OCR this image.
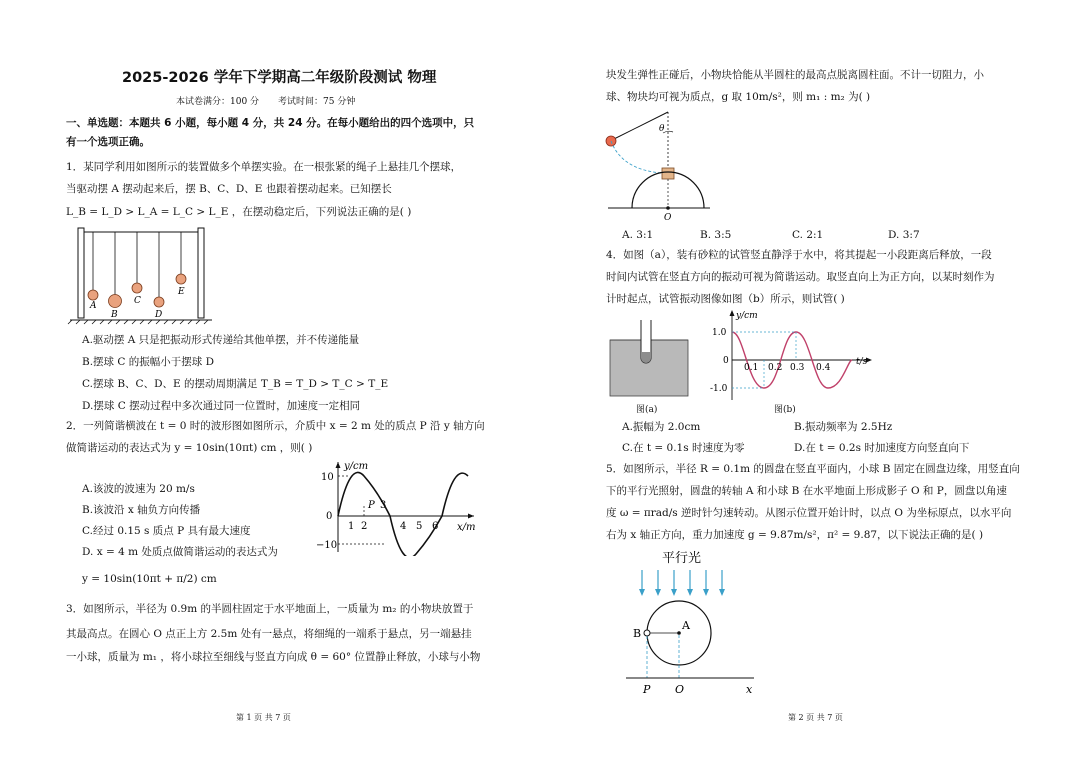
2025-2026 学年下学期高二年级阶段测试 物理
本试卷满分：100 分 考试时间：75 分钟
一、单选题：本题共 6 小题，每小题 4 分，共 24 分。在每小题给出的四个选项中，只
有一个选项正确。
1．某同学利用如图所示的装置做多个单摆实验。在一根张紧的绳子上悬挂几个摆球，
当驱动摆 A 摆动起来后，摆 B、C、D、E 也跟着摆动起来。已知摆长
L_B = L_D > L_A = L_C > L_E ，在摆动稳定后，下列说法正确的是( )
A
B
C
D
E
A.驱动摆 A 只是把振动形式传递给其他单摆，并不传递能量
B.摆球 C 的振幅小于摆球 D
C.摆球 B、C、D、E 的摆动周期满足 T_B = T_D > T_C > T_E
D.摆球 C 摆动过程中多次通过同一位置时，加速度一定相同
2．一列简谐横波在 t = 0 时的波形图如图所示，介质中 x = 2 m 处的质点 P 沿 y 轴方向
做简谐运动的表达式为 y = 10sin(10πt) cm ，则( )
A.该波的波速为 20 m/s
B.该波沿 x 轴负方向传播
C.经过 0.15 s 质点 P 具有最大速度
D. x = 4 m 处质点做简谐运动的表达式为
y = 10sin(10πt + π/2) cm
y/cm
x/m
10
0
−10
1 2	4 5 6
P 3
3．如图所示，半径为 0.9m 的半圆柱固定于水平地面上，一质量为 m₂ 的小物块放置于
其最高点。在圆心 O 点正上方 2.5m 处有一悬点，将细绳的一端系于悬点，另一端悬挂
一小球，质量为 m₁ ，将小球拉至细线与竖直方向成 θ = 60° 位置静止释放，小球与小物
第 1 页 共 7 页
块发生弹性正碰后，小物块恰能从半圆柱的最高点脱离圆柱面。不计一切阻力，小
球、物块均可视为质点，g 取 10m/s²，则 m₁ : m₂ 为( )
θ
O
A. 3:1	B. 3:5	C. 2:1	D. 3:7
4．如图（a），装有砂粒的试管竖直静浮于水中，将其提起一小段距离后释放，一段
时间内试管在竖直方向的振动可视为简谐运动。取竖直向上为正方向，以某时刻作为
计时起点，试管振动图像如图（b）所示，则试管( )
图(a)
y/cm
t/s
1.0
0
-1.0
0.1 0.2 0.3 0.4
图(b)
A.振幅为 2.0cm	B.振动频率为 2.5Hz
C.在 t = 0.1s 时速度为零	D.在 t = 0.2s 时加速度方向竖直向下
5．如图所示，半径 R = 0.1m 的圆盘在竖直平面内，小球 B 固定在圆盘边缘，用竖直向
下的平行光照射，圆盘的转轴 A 和小球 B 在水平地面上形成影子 O 和 P，圆盘以角速
度 ω = πrad/s 逆时针匀速转动。从图示位置开始计时，以点 O 为坐标原点，以水平向
右为 x 轴正方向，重力加速度 g = 9.87m/s²，π² = 9.87，以下说法正确的是( )
平行光
A
B
P O	x
第 2 页 共 7 页
